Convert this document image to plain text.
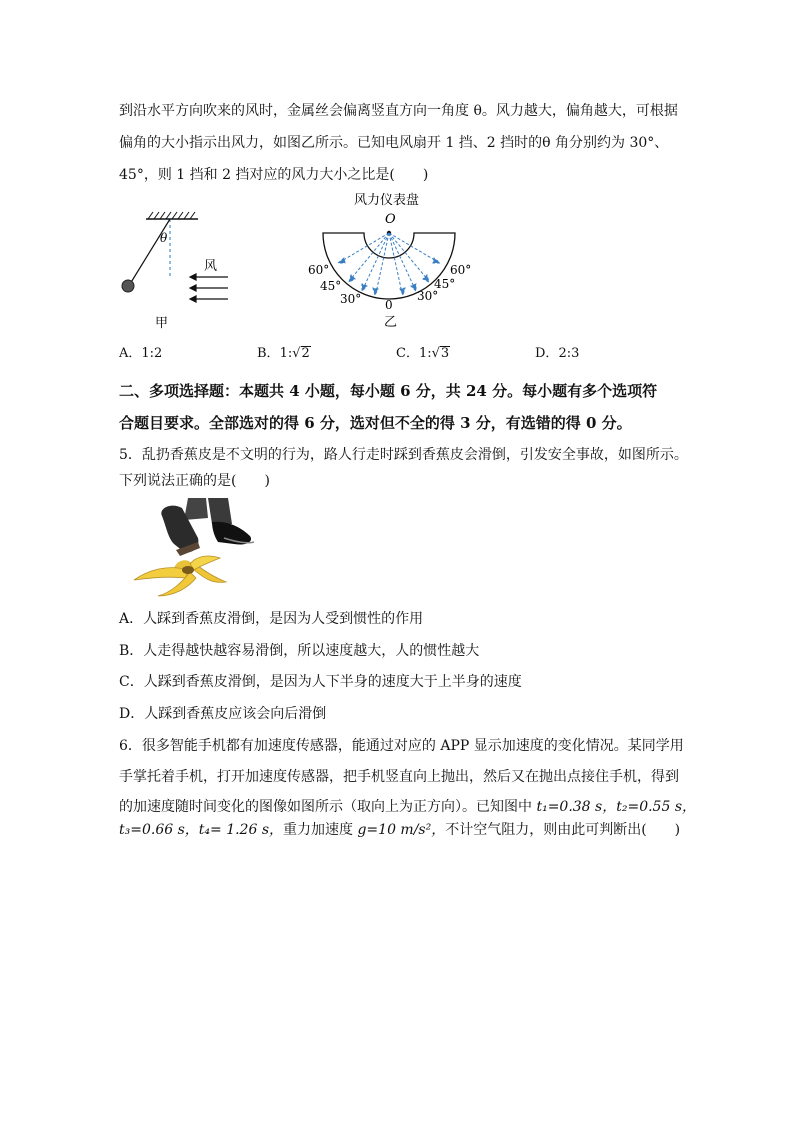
到沿水平方向吹来的风时，金属丝会偏离竖直方向一角度 θ。风力越大，偏角越大，可根据
偏角的大小指示出风力，如图乙所示。已知电风扇开 1 挡、2 挡时的θ 角分别约为 30°、
45°，则 1 挡和 2 挡对应的风力大小之比是(　　)
θ
风
甲
风力仪表盘
O
60°
45°
30°
60°
45°
30°
0
乙
A．1:2	B．1:√2	C．1:√3	D．2:3
二、多项选择题：本题共 4 小题，每小题 6 分，共 24 分。每小题有多个选项符
合题目要求。全部选对的得 6 分，选对但不全的得 3 分，有选错的得 0 分。
5．乱扔香蕉皮是不文明的行为，路人行走时踩到香蕉皮会滑倒，引发安全事故，如图所示。
下列说法正确的是(　　)
A．人踩到香蕉皮滑倒，是因为人受到惯性的作用
B．人走得越快越容易滑倒，所以速度越大，人的惯性越大
C．人踩到香蕉皮滑倒，是因为人下半身的速度大于上半身的速度
D．人踩到香蕉皮应该会向后滑倒
6．很多智能手机都有加速度传感器，能通过对应的 APP 显示加速度的变化情况。某同学用
手掌托着手机，打开加速度传感器，把手机竖直向上抛出，然后又在抛出点接住手机，得到
的加速度随时间变化的图像如图所示（取向上为正方向）。已知图中 t₁=0.38 s，t₂=0.55 s，
t₃=0.66 s，t₄= 1.26 s，重力加速度 g=10 m/s²，不计空气阻力，则由此可判断出(　　)
